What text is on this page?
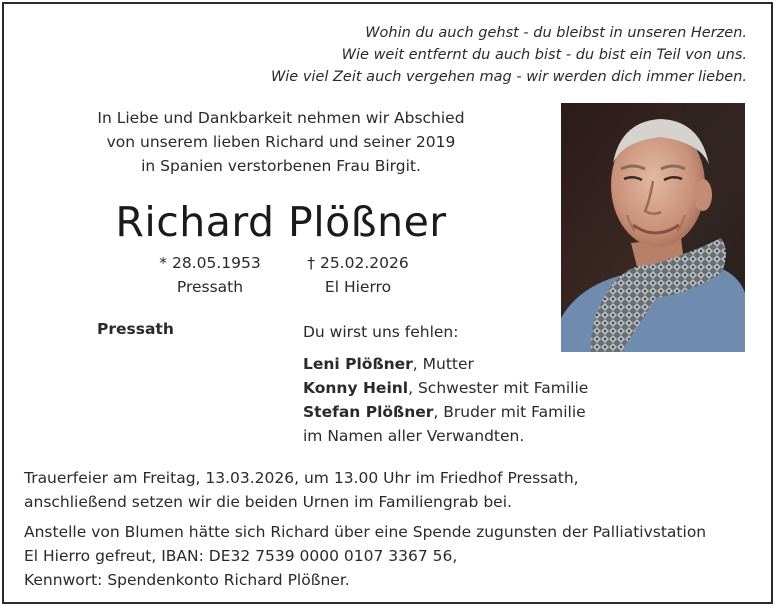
Wohin du auch gehst - du bleibst in unseren Herzen.
Wie weit entfernt du auch bist - du bist ein Teil von uns.
Wie viel Zeit auch vergehen mag - wir werden dich immer lieben.
In Liebe und Dankbarkeit nehmen wir Abschied
von unserem lieben Richard und seiner 2019
in Spanien verstorbenen Frau Birgit.
Richard Plößner
* 28.05.1953
Pressath
† 25.02.2026
El Hierro
Pressath	Du wirst uns fehlen:
Leni Plößner, Mutter
Konny Heinl, Schwester mit Familie
Stefan Plößner, Bruder mit Familie
im Namen aller Verwandten.
Trauerfeier am Freitag, 13.03.2026, um 13.00 Uhr im Friedhof Pressath,
anschließend setzen wir die beiden Urnen im Familiengrab bei.
Anstelle von Blumen hätte sich Richard über eine Spende zugunsten der Palliativstation
El Hierro gefreut, IBAN: DE32 7539 0000 0107 3367 56,
Kennwort: Spendenkonto Richard Plößner.
